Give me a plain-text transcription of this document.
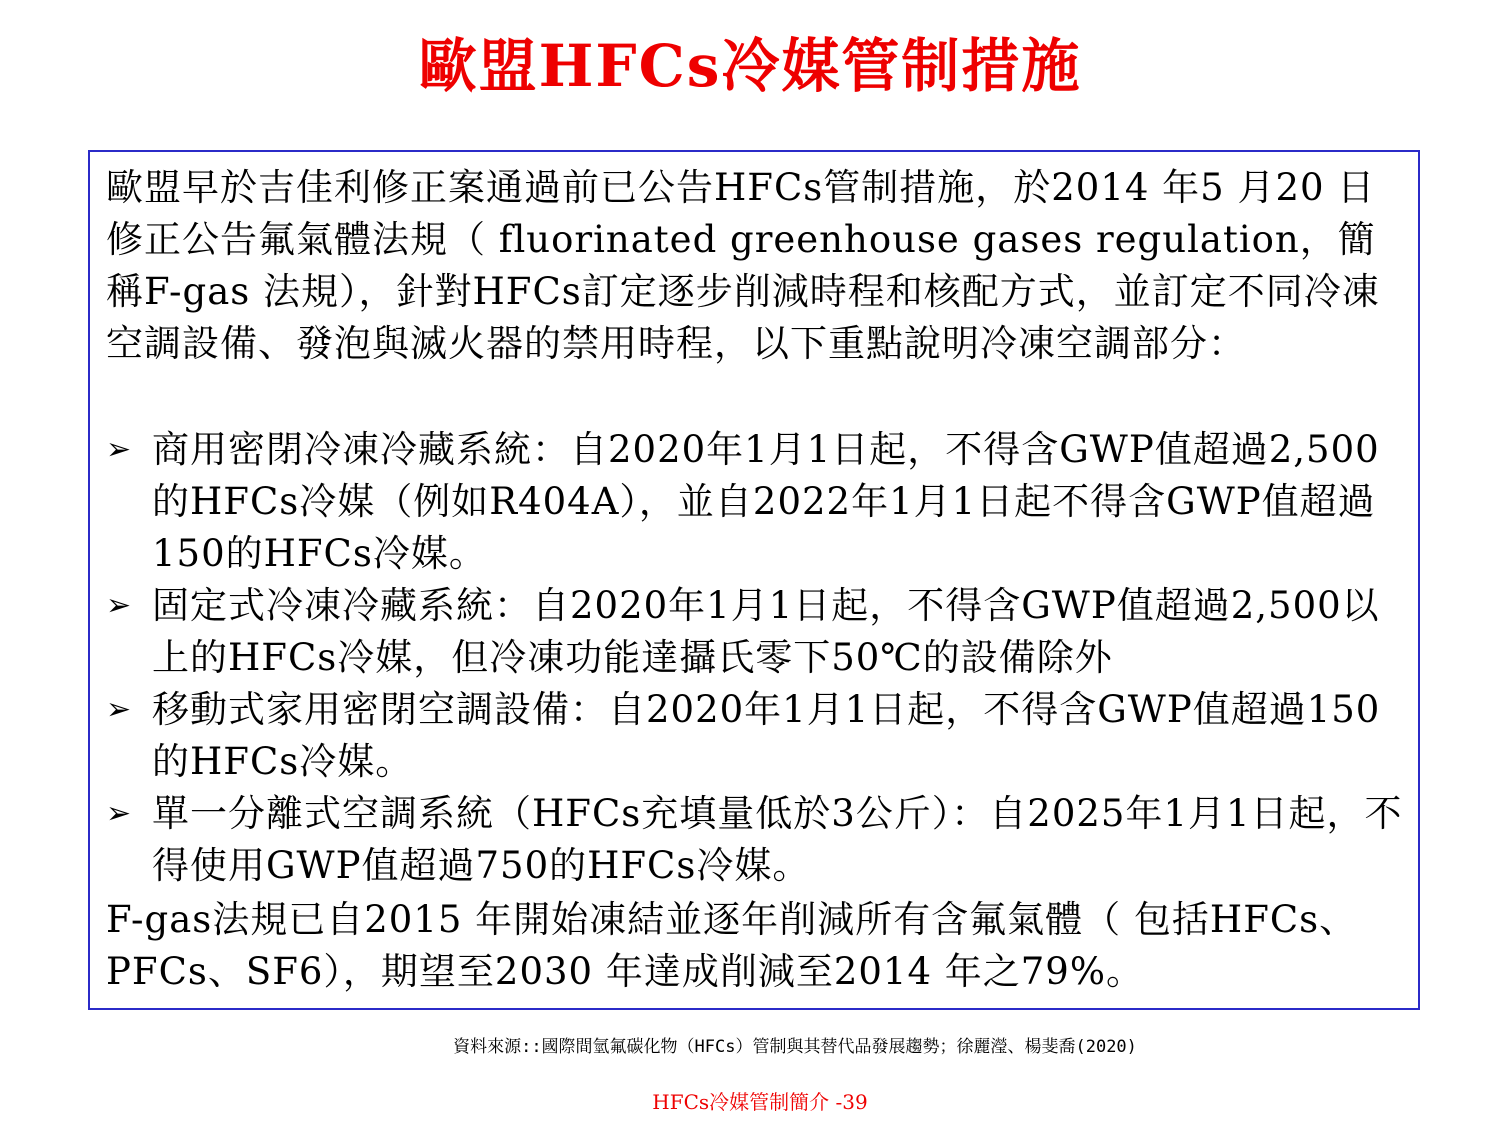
歐盟HFCs冷媒管制措施

歐盟早於吉佳利修正案通過前已公告HFCs管制措施，於2014 年5 月20 日修正公告氟氣體法規（ fluorinated greenhouse gases regulation，簡稱F-gas 法規），針對HFCs訂定逐步削減時程和核配方式，並訂定不同冷凍空調設備、發泡與滅火器的禁用時程，以下重點說明冷凍空調部分：

➢ 商用密閉冷凍冷藏系統：自2020年1月1日起，不得含GWP值超過2,500的HFCs冷媒（例如R404A），並自2022年1月1日起不得含GWP值超過150的HFCs冷媒。
➢ 固定式冷凍冷藏系統：自2020年1月1日起，不得含GWP值超過2,500以上的HFCs冷媒，但冷凍功能達攝氏零下50℃的設備除外
➢ 移動式家用密閉空調設備：自2020年1月1日起，不得含GWP值超過150的HFCs冷媒。
➢ 單一分離式空調系統（HFCs充填量低於3公斤）：自2025年1月1日起，不得使用GWP值超過750的HFCs冷媒。

F-gas法規已自2015 年開始凍結並逐年削減所有含氟氣體（ 包括HFCs、PFCs、SF6），期望至2030 年達成削減至2014 年之79%。

資料來源::國際間氫氟碳化物（HFCs）管制與其替代品發展趨勢；徐麗瀅、楊斐喬(2020)
HFCs冷媒管制簡介 -39
